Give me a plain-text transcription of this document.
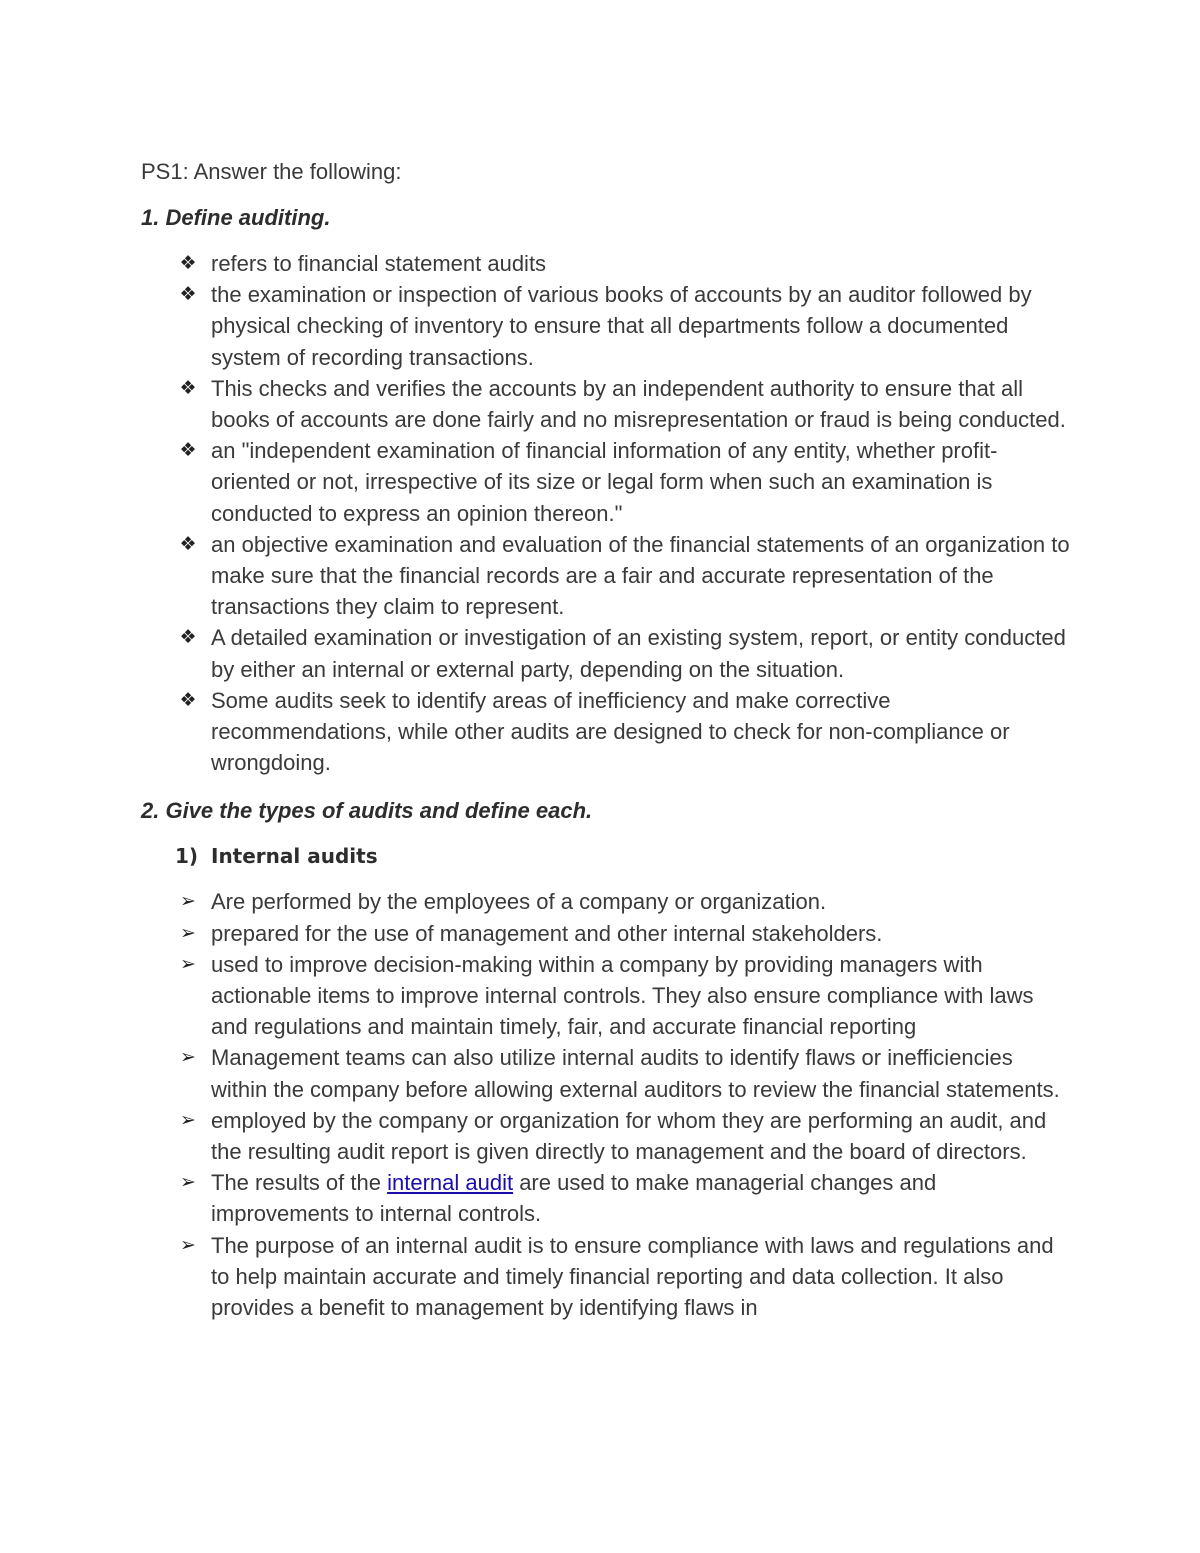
PS1: Answer the following:

1. Define auditing.

❖ refers to financial statement audits
❖ the examination or inspection of various books of accounts by an auditor followed by physical checking of inventory to ensure that all departments follow a documented system of recording transactions.
❖ This checks and verifies the accounts by an independent authority to ensure that all books of accounts are done fairly and no misrepresentation or fraud is being conducted.
❖ an "independent examination of financial information of any entity, whether profit-oriented or not, irrespective of its size or legal form when such an examination is conducted to express an opinion thereon."
❖ an objective examination and evaluation of the financial statements of an organization to make sure that the financial records are a fair and accurate representation of the transactions they claim to represent.
❖ A detailed examination or investigation of an existing system, report, or entity conducted by either an internal or external party, depending on the situation.
❖ Some audits seek to identify areas of inefficiency and make corrective recommendations, while other audits are designed to check for non-compliance or wrongdoing.

2. Give the types of audits and define each.

1) Internal audits
➢ Are performed by the employees of a company or organization.
➢ prepared for the use of management and other internal stakeholders.
➢ used to improve decision-making within a company by providing managers with actionable items to improve internal controls. They also ensure compliance with laws and regulations and maintain timely, fair, and accurate financial reporting
➢ Management teams can also utilize internal audits to identify flaws or inefficiencies within the company before allowing external auditors to review the financial statements.
➢ employed by the company or organization for whom they are performing an audit, and the resulting audit report is given directly to management and the board of directors.
➢ The results of the internal audit are used to make managerial changes and improvements to internal controls.
➢ The purpose of an internal audit is to ensure compliance with laws and regulations and to help maintain accurate and timely financial reporting and data collection. It also provides a benefit to management by identifying flaws in
